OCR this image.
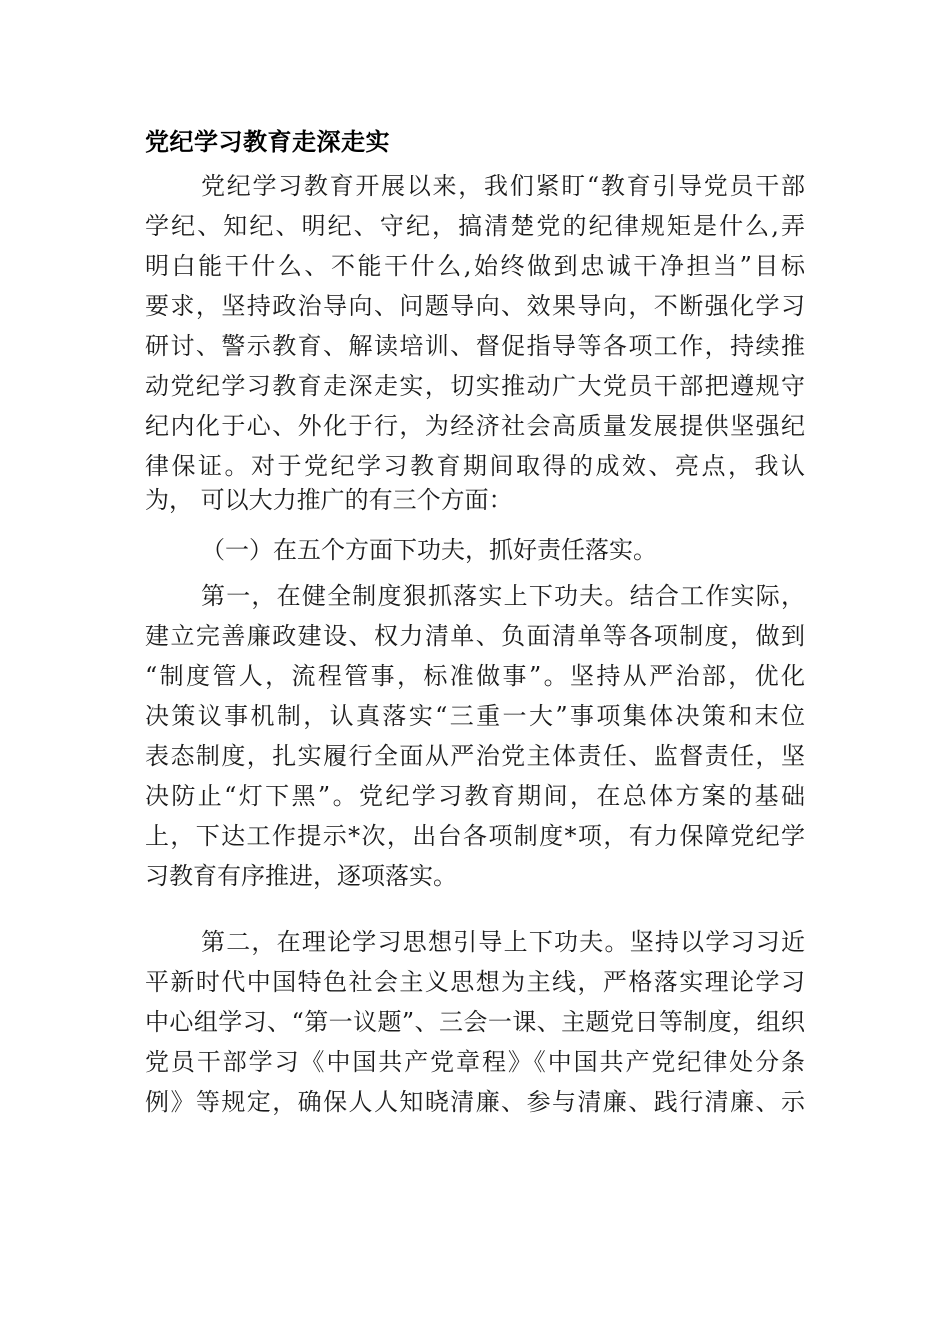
党纪学习教育走深走实
党纪学习教育开展以来，我们紧盯“教育引导党员干部
学纪、知纪、明纪、守纪，搞清楚党的纪律规矩是什么,弄
明白能干什么、不能干什么,始终做到忠诚干净担当”目标
要求，坚持政治导向、问题导向、效果导向，不断强化学习
研讨、警示教育、解读培训、督促指导等各项工作，持续推
动党纪学习教育走深走实，切实推动广大党员干部把遵规守
纪内化于心、外化于行，为经济社会高质量发展提供坚强纪
律保证。对于党纪学习教育期间取得的成效、亮点，我认
为， 可以大力推广的有三个方面：
（一）在五个方面下功夫，抓好责任落实。
第一，在健全制度狠抓落实上下功夫。结合工作实际，
建立完善廉政建设、权力清单、负面清单等各项制度，做到
“制度管人，流程管事，标准做事”。坚持从严治部，优化
决策议事机制，认真落实“三重一大”事项集体决策和末位
表态制度，扎实履行全面从严治党主体责任、监督责任，坚
决防止“灯下黑”。党纪学习教育期间，在总体方案的基础
上，下达工作提示*次，出台各项制度*项，有力保障党纪学
习教育有序推进，逐项落实。
第二，在理论学习思想引导上下功夫。坚持以学习习近
平新时代中国特色社会主义思想为主线，严格落实理论学习
中心组学习、“第一议题”、三会一课、主题党日等制度，组织
党员干部学习《中国共产党章程》《中国共产党纪律处分条
例》等规定，确保人人知晓清廉、参与清廉、践行清廉、示
